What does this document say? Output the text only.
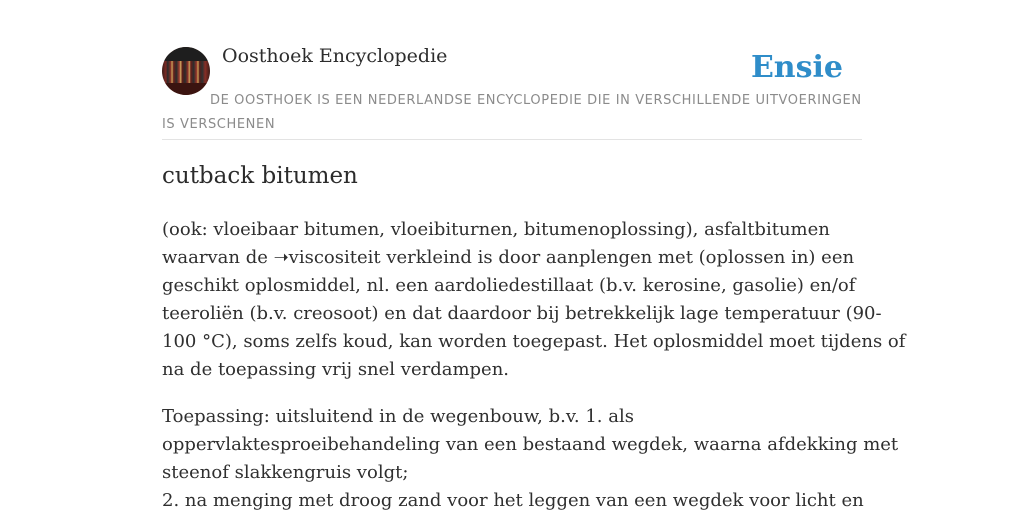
Oosthoek Encyclopedie	Ensie
DE OOSTHOEK IS EEN NEDERLANDSE ENCYCLOPEDIE DIE IN VERSCHILLENDE UITVOERINGEN IS VERSCHENEN
cutback bitumen

(ook: vloeibaar bitumen, vloeibiturnen, bitumenoplossing), asfaltbitumen
waarvan de ➝viscositeit verkleind is door aanplengen met (oplossen in) een
geschikt oplosmiddel, nl. een aardoliedestillaat (b.v. kerosine, gasolie) en/of
teeroliën (b.v. creosoot) en dat daardoor bij betrekkelijk lage temperatuur (90-
100 °C), soms zelfs koud, kan worden toegepast. Het oplosmiddel moet tijdens of
na de toepassing vrij snel verdampen.

Toepassing: uitsluitend in de wegenbouw, b.v. 1. als
oppervlaktesproeibehandeling van een bestaand wegdek, waarna afdekking met
steenof slakkengruis volgt;
2. na menging met droog zand voor het leggen van een wegdek voor licht en
